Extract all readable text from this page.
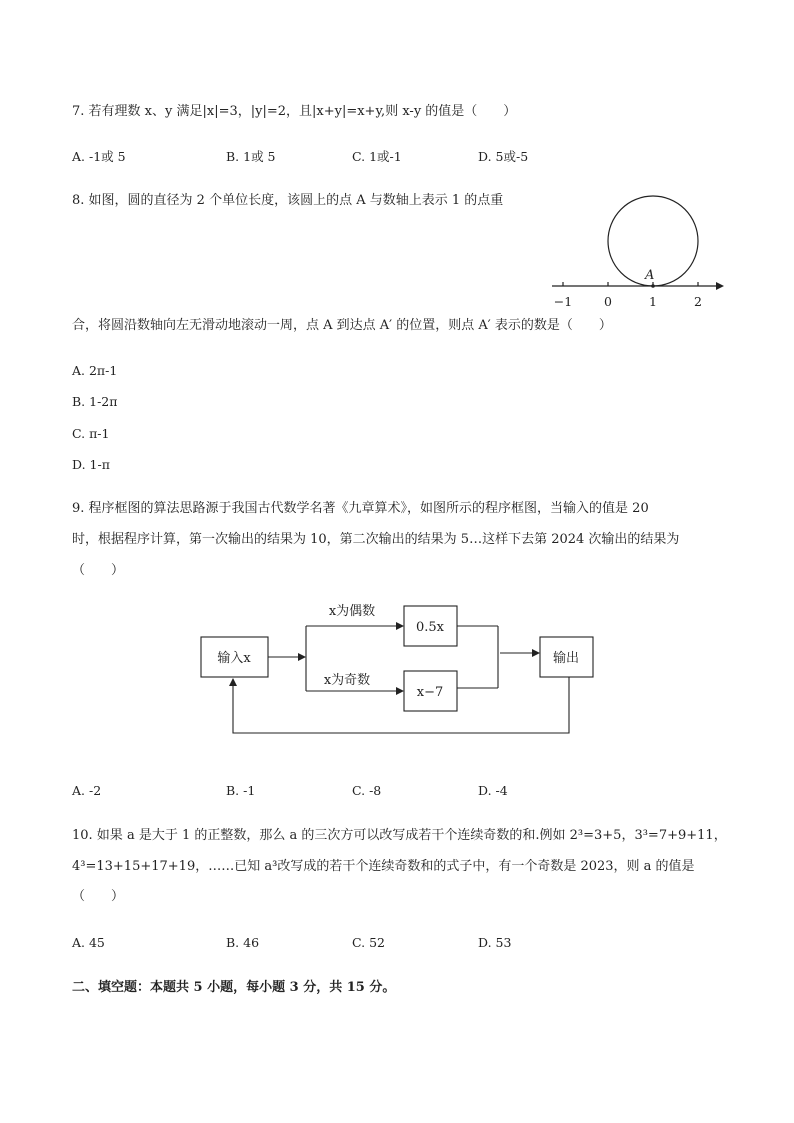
7. 若有理数 x、y 满足|x|=3，|y|=2，且|x+y|=x+y,则 x-y 的值是（　　）
A. -1或 5	B. 1或 5	C. 1或-1	D. 5或-5
8. 如图，圆的直径为 2 个单位长度，该圆上的点 A 与数轴上表示 1 的点重
A
−1	0	1	2
合，将圆沿数轴向左无滑动地滚动一周，点 A 到达点 A′ 的位置，则点 A′ 表示的数是（　　）
A. 2π-1
B. 1-2π
C. π-1
D. 1-π
9. 程序框图的算法思路源于我国古代数学名著《九章算术》，如图所示的程序框图，当输入的值是 20
时，根据程序计算，第一次输出的结果为 10，第二次输出的结果为 5…这样下去第 2024 次输出的结果为
（　　）
输入x
0.5x
x−7
输出
x为偶数
x为奇数
A. -2	B. -1	C. -8	D. -4
10. 如果 a 是大于 1 的正整数，那么 a 的三次方可以改写成若干个连续奇数的和.例如 2³=3+5，3³=7+9+11，
4³=13+15+17+19，……已知 a³改写成的若干个连续奇数和的式子中，有一个奇数是 2023，则 a 的值是
（　　）
A. 45	B. 46	C. 52	D. 53
二、填空题：本题共 5 小题，每小题 3 分，共 15 分。
